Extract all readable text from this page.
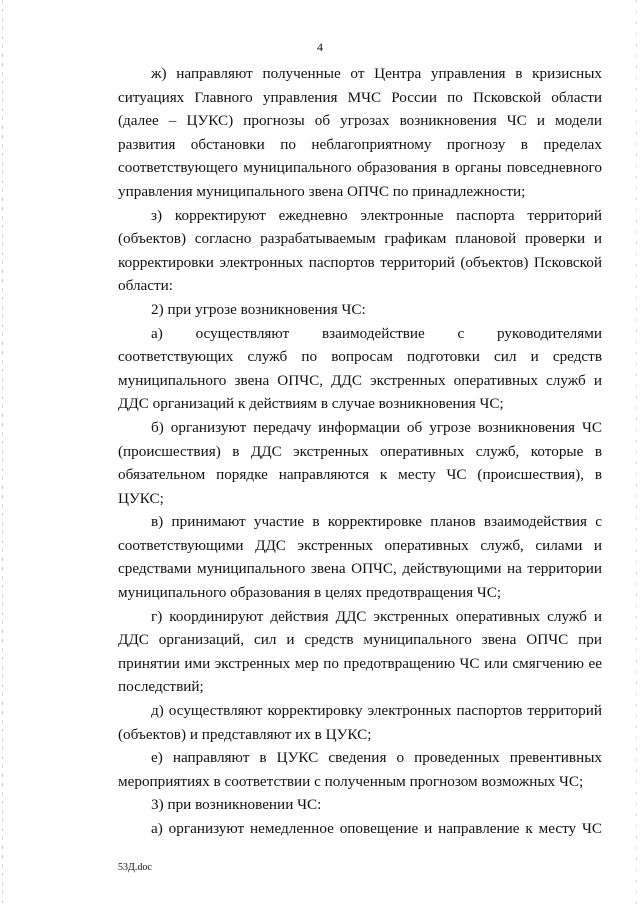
4

ж) направляют полученные от Центра управления в кризисных ситуациях Главного управления МЧС России по Псковской области (далее – ЦУКС) прогнозы об угрозах возникновения ЧС и модели развития обстановки по неблагоприятному прогнозу в пределах соответствующего муниципального образования в органы повседневного управления муниципального звена ОПЧС по принадлежности;

з) корректируют ежедневно электронные паспорта территорий (объектов) согласно разрабатываемым графикам плановой проверки и корректировки электронных паспортов территорий (объектов) Псковской области:

2) при угрозе возникновения ЧС:

а) осуществляют взаимодействие с руководителями соответствующих служб по вопросам подготовки сил и средств муниципального звена ОПЧС, ДДС экстренных оперативных служб и ДДС организаций к действиям в случае возникновения ЧС;

б) организуют передачу информации об угрозе возникновения ЧС (происшествия) в ДДС экстренных оперативных служб, которые в обязательном порядке направляются к месту ЧС (происшествия), в ЦУКС;

в) принимают участие в корректировке планов взаимодействия с соответствующими ДДС экстренных оперативных служб, силами и средствами муниципального звена ОПЧС, действующими на территории муниципального образования в целях предотвращения ЧС;

г) координируют действия ДДС экстренных оперативных служб и ДДС организаций, сил и средств муниципального звена ОПЧС при принятии ими экстренных мер по предотвращению ЧС или смягчению ее последствий;

д) осуществляют корректировку электронных паспортов территорий (объектов) и представляют их в ЦУКС;

е) направляют в ЦУКС сведения о проведенных превентивных мероприятиях в соответствии с полученным прогнозом возможных ЧС;

3) при возникновении ЧС:

а) организуют немедленное оповещение и направление к месту ЧС

53Д.doc
